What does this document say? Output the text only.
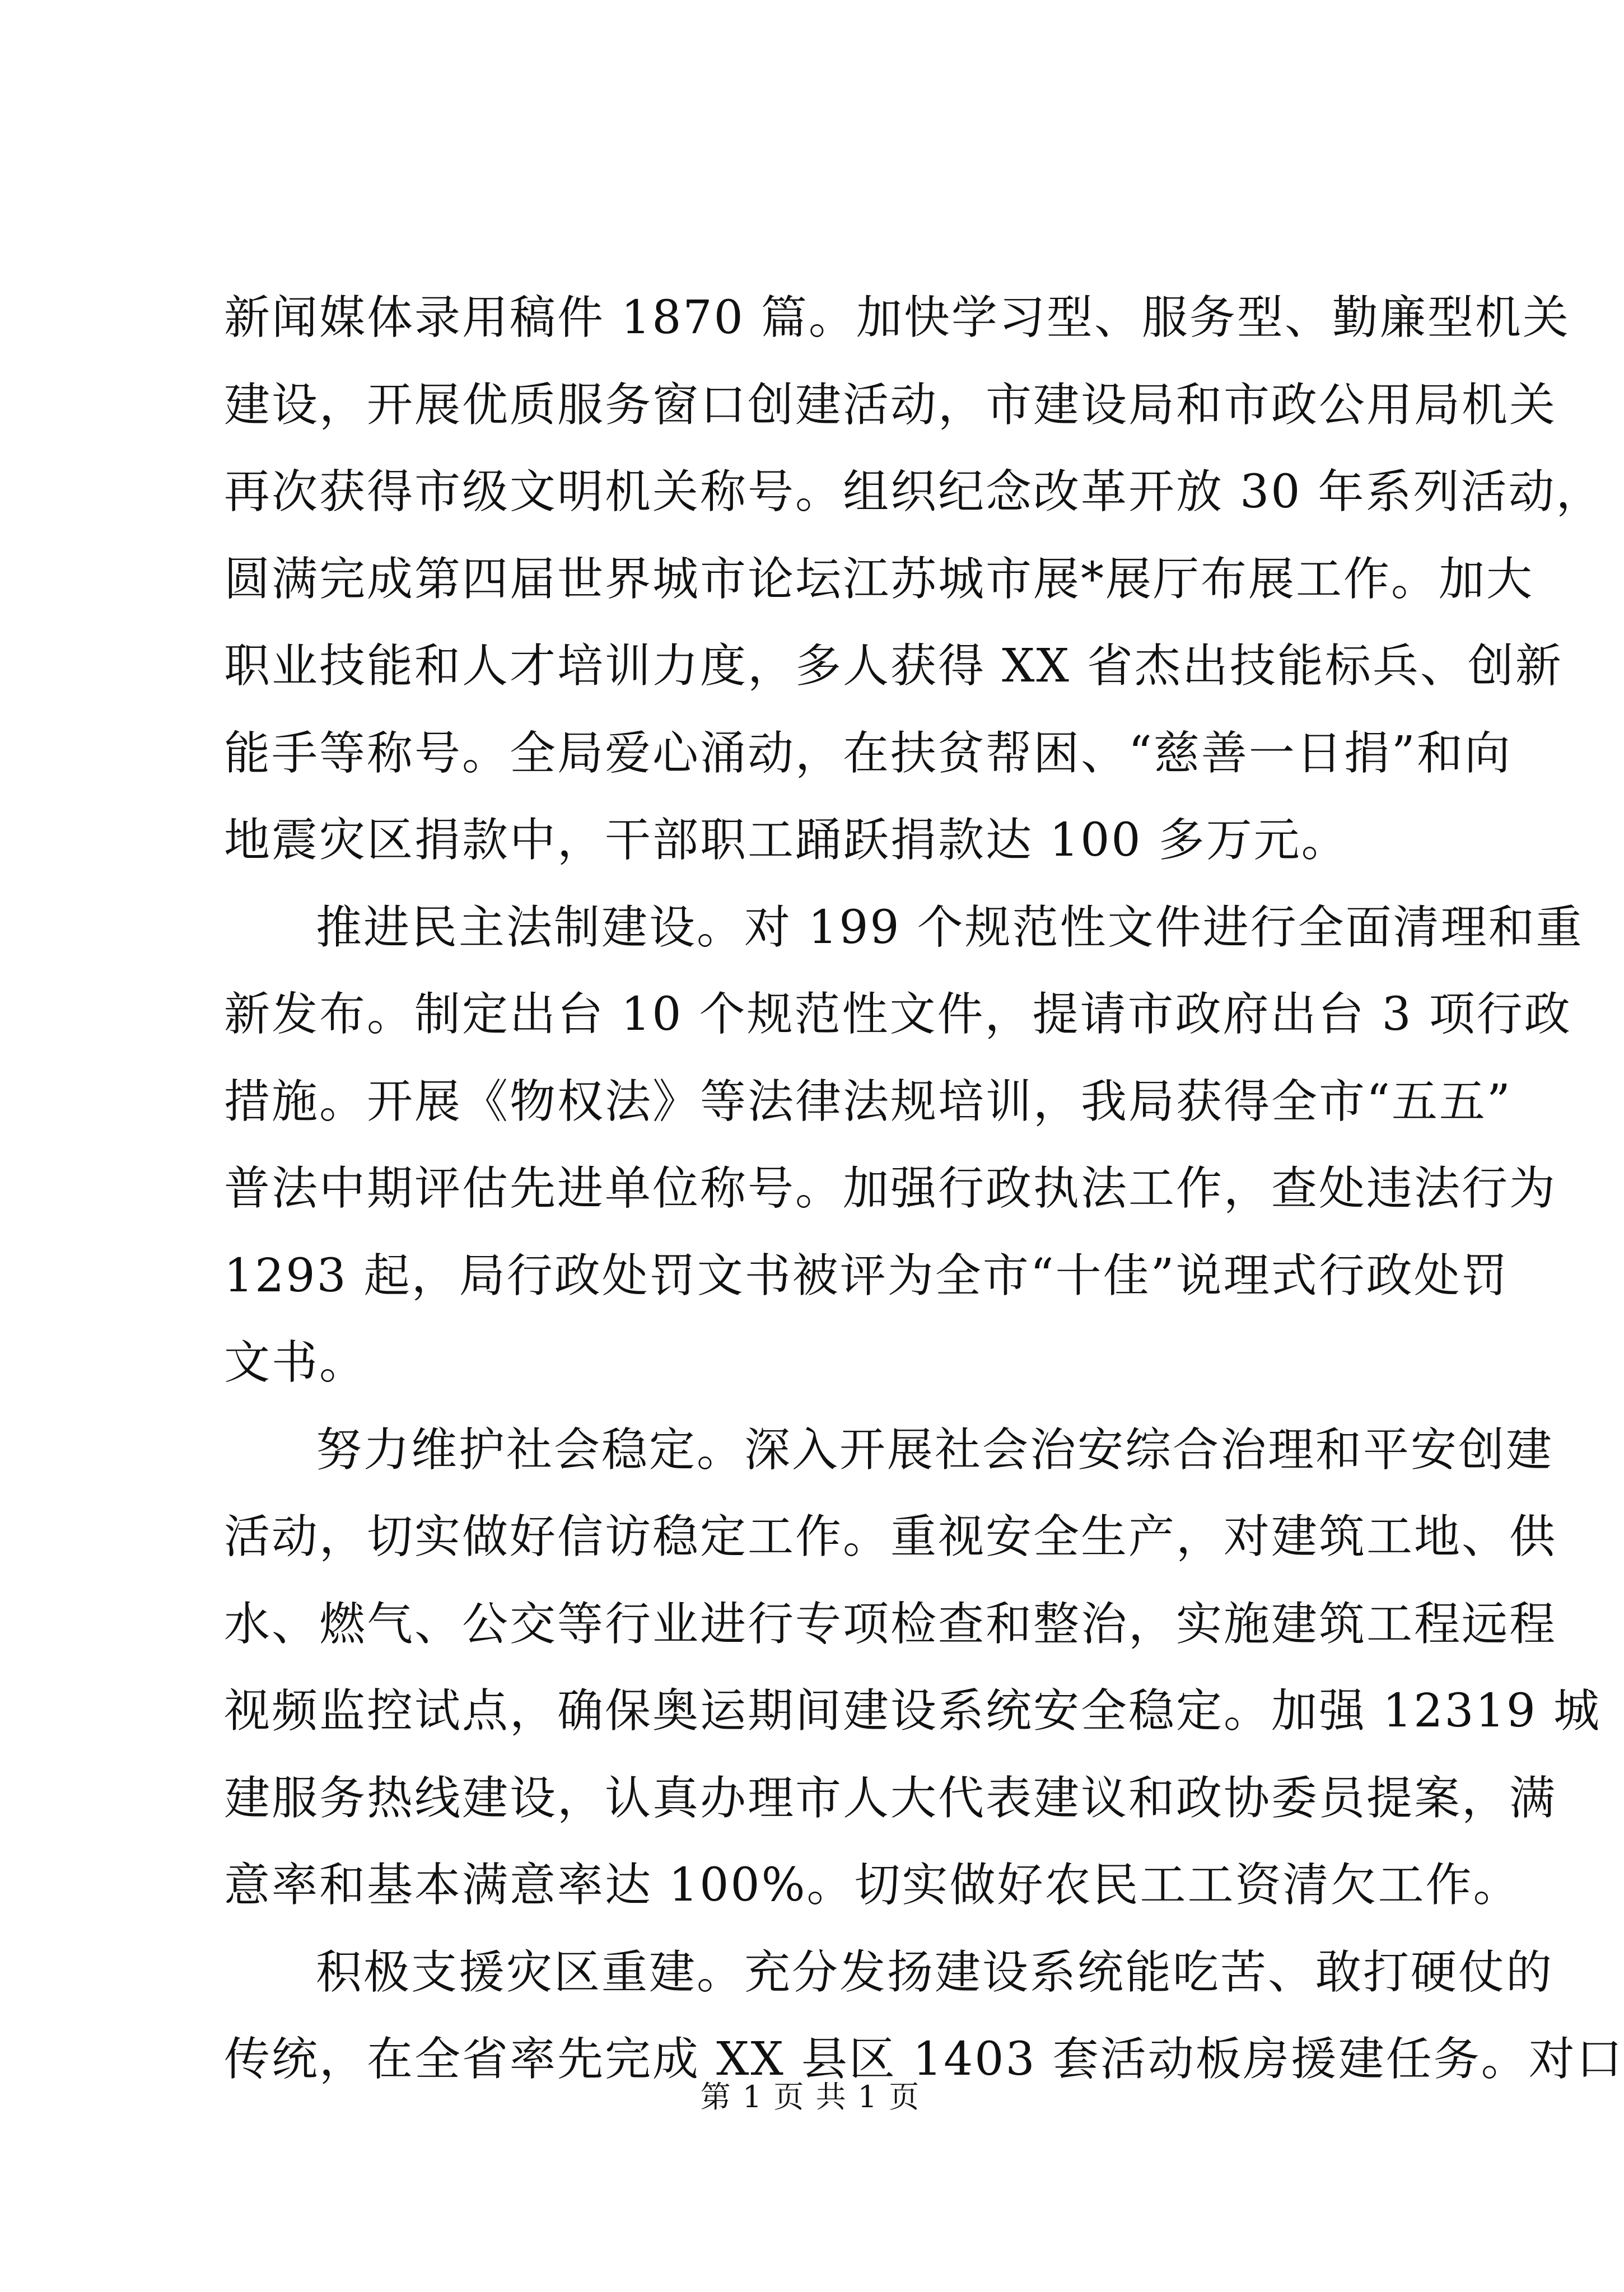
新闻媒体录用稿件 1870 篇。加快学习型、服务型、勤廉型机关
建设，开展优质服务窗口创建活动，市建设局和市政公用局机关
再次获得市级文明机关称号。组织纪念改革开放 30 年系列活动，
圆满完成第四届世界城市论坛江苏城市展*展厅布展工作。加大
职业技能和人才培训力度，多人获得 XX 省杰出技能标兵、创新
能手等称号。全局爱心涌动，在扶贫帮困、“慈善一日捐”和向
地震灾区捐款中，干部职工踊跃捐款达 100 多万元。
推进民主法制建设。对 199 个规范性文件进行全面清理和重
新发布。制定出台 10 个规范性文件，提请市政府出台 3 项行政
措施。开展《物权法》等法律法规培训，我局获得全市“五五”
普法中期评估先进单位称号。加强行政执法工作，查处违法行为
1293 起，局行政处罚文书被评为全市“十佳”说理式行政处罚
文书。
努力维护社会稳定。深入开展社会治安综合治理和平安创建
活动，切实做好信访稳定工作。重视安全生产，对建筑工地、供
水、燃气、公交等行业进行专项检查和整治，实施建筑工程远程
视频监控试点，确保奥运期间建设系统安全稳定。加强 12319 城
建服务热线建设，认真办理市人大代表建议和政协委员提案，满
意率和基本满意率达 100%。切实做好农民工工资清欠工作。
积极支援灾区重建。充分发扬建设系统能吃苦、敢打硬仗的
传统，在全省率先完成 XX 县区 1403 套活动板房援建任务。对口
第 1 页 共 1 页
